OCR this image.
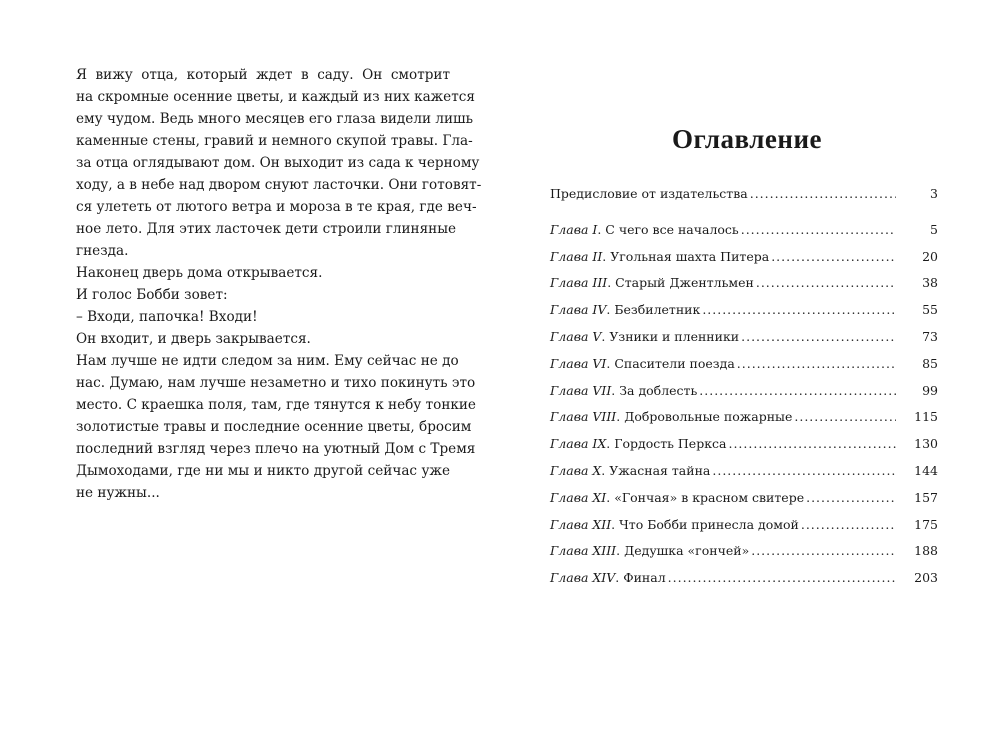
Я вижу отца, который ждет в саду. Он смотрит
на скромные осенние цветы, и каждый из них кажется
ему чудом. Ведь много месяцев его глаза видели лишь
каменные стены, гравий и немного скупой травы. Гла-
за отца оглядывают дом. Он выходит из сада к черному
ходу, а в небе над двором снуют ласточки. Они готовят-
ся улететь от лютого ветра и мороза в те края, где веч-
ное лето. Для этих ласточек дети строили глиняные
гнезда.
Наконец дверь дома открывается.
И голос Бобби зовет:
– Входи, папочка! Входи!
Он входит, и дверь закрывается.
Нам лучше не идти следом за ним. Ему сейчас не до
нас. Думаю, нам лучше незаметно и тихо покинуть это
место. С краешка поля, там, где тянутся к небу тонкие
золотистые травы и последние осенние цветы, бросим
последний взгляд через плечо на уютный Дом с Тремя
Дымоходами, где ни мы и никто другой сейчас уже
не нужны...
Оглавление
Предисловие от издательства .....	3
Глава I. С чего все началось .....	5
Глава II. Угольная шахта Питера .....	20
Глава III. Старый Джентльмен .....	38
Глава IV. Безбилетник .....	55
Глава V. Узники и пленники .....	73
Глава VI. Спасители поезда .....	85
Глава VII. За доблесть .....	99
Глава VIII. Добровольные пожарные .....	115
Глава IX. Гордость Перкса .....	130
Глава X. Ужасная тайна .....	144
Глава XI. «Гончая» в красном свитере .....	157
Глава XII. Что Бобби принесла домой .....	175
Глава XIII. Дедушка «гончей» .....	188
Глава XIV. Финал .....	203
